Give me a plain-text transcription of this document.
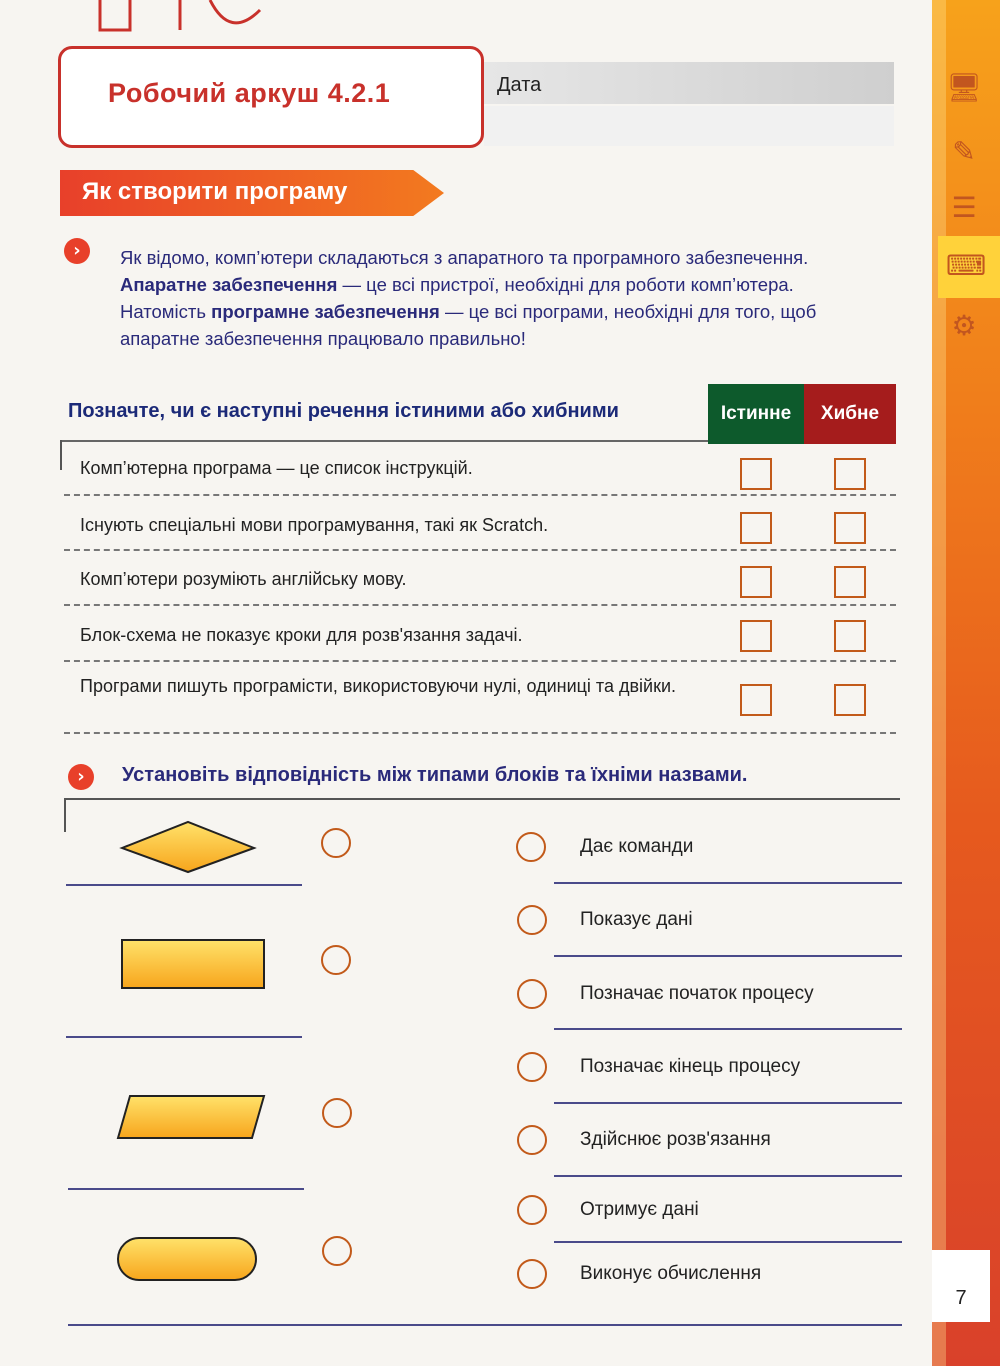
🖥
✎
☰
⌨
⚙
7
Робочий аркуш 4.2.1	Дата
Як створити програму
›	Як відомо, комп’ютери складаються з апаратного та програмного забезпечення. Апаратне забезпечення — це всі пристрої, необхідні для роботи комп’ютера. Натомість програмне забезпечення — це всі програми, необхідні для того, щоб апаратне забезпечення працювало правильно!
Позначте, чи є наступні речення істиними або хибними	Істинне	Хибне
Комп’ютерна програма — це список інструкцій.
Існують спеціальні мови програмування, такі як Scratch.
Комп’ютери розуміють англійську мову.
Блок-схема не показує кроки для розв'язання задачі.
Програми пишуть програмісти, використовуючи нулі, одиниці та двійки.
›	Установіть відповідність між типами блоків та їхніми назвами.
Дає команди
Показує дані
Позначає початок процесу
Позначає кінець процесу
Здійснює розв'язання
Отримує дані
Виконує обчислення
